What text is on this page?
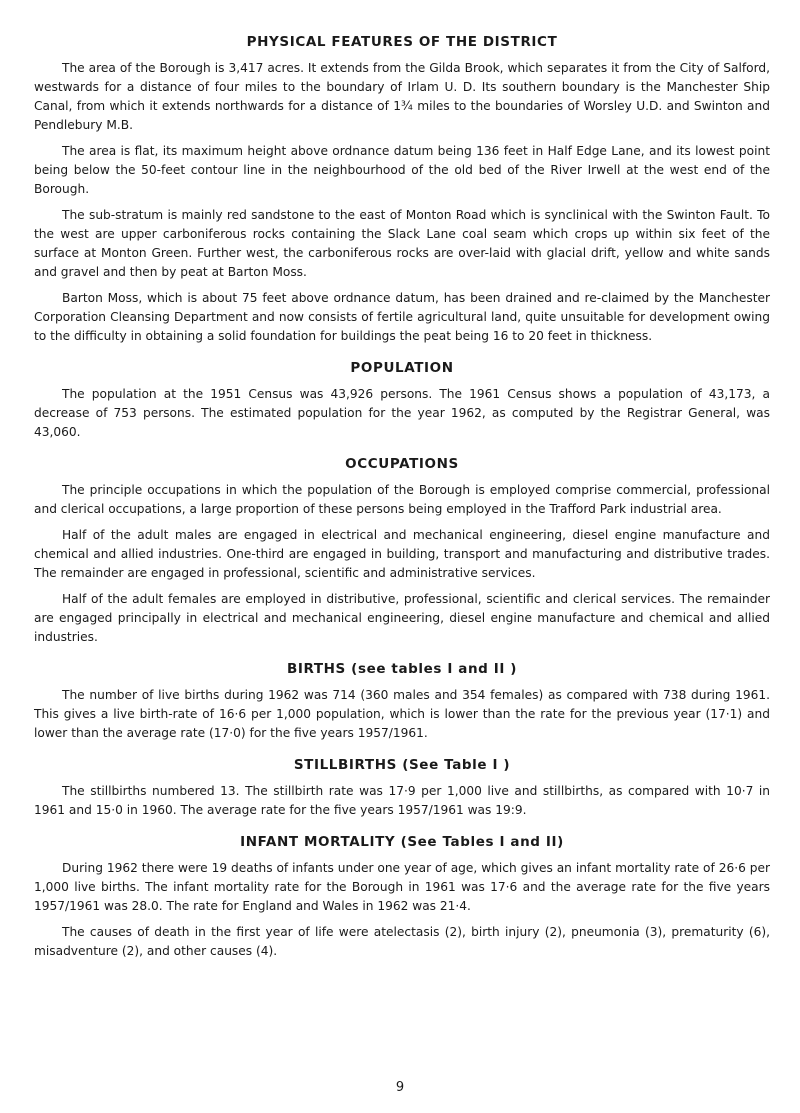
PHYSICAL FEATURES OF THE DISTRICT

The area of the Borough is 3,417 acres. It extends from the Gilda Brook, which separates it from the City of Salford, westwards for a distance of four miles to the boundary of Irlam U. D. Its southern boundary is the Manchester Ship Canal, from which it extends northwards for a distance of 1¾ miles to the boundaries of Worsley U.D. and Swinton and Pendlebury M.B.

The area is flat, its maximum height above ordnance datum being 136 feet in Half Edge Lane, and its lowest point being below the 50-feet contour line in the neighbourhood of the old bed of the River Irwell at the west end of the Borough.

The sub-stratum is mainly red sandstone to the east of Monton Road which is synclinical with the Swinton Fault. To the west are upper carboniferous rocks containing the Slack Lane coal seam which crops up within six feet of the surface at Monton Green. Further west, the carboniferous rocks are over-laid with glacial drift, yellow and white sands and gravel and then by peat at Barton Moss.

Barton Moss, which is about 75 feet above ordnance datum, has been drained and re-claimed by the Manchester Corporation Cleansing Department and now consists of fertile agricultural land, quite unsuitable for development owing to the difficulty in obtaining a solid foundation for buildings the peat being 16 to 20 feet in thickness.

POPULATION

The population at the 1951 Census was 43,926 persons. The 1961 Census shows a population of 43,173, a decrease of 753 persons. The estimated population for the year 1962, as computed by the Registrar General, was 43,060.

OCCUPATIONS

The principle occupations in which the population of the Borough is employed comprise commercial, professional and clerical occupations, a large proportion of these persons being employed in the Trafford Park industrial area.

Half of the adult males are engaged in electrical and mechanical engineering, diesel engine manufacture and chemical and allied industries. One-third are engaged in building, transport and manufacturing and distributive trades. The remainder are engaged in professional, scientific and administrative services.

Half of the adult females are employed in distributive, professional, scientific and clerical services. The remainder are engaged principally in electrical and mechanical engineering, diesel engine manufacture and chemical and allied industries.

BIRTHS (see tables I and II )

The number of live births during 1962 was 714 (360 males and 354 females) as compared with 738 during 1961. This gives a live birth-rate of 16·6 per 1,000 population, which is lower than the rate for the previous year (17·1) and lower than the average rate (17·0) for the five years 1957/1961.

STILLBIRTHS (See Table I )

The stillbirths numbered 13. The stillbirth rate was 17·9 per 1,000 live and stillbirths, as compared with 10·7 in 1961 and 15·0 in 1960. The average rate for the five years 1957/1961 was 19:9.

INFANT MORTALITY (See Tables I and II)

During 1962 there were 19 deaths of infants under one year of age, which gives an infant mortality rate of 26·6 per 1,000 live births. The infant mortality rate for the Borough in 1961 was 17·6 and the average rate for the five years 1957/1961 was 28.0. The rate for England and Wales in 1962 was 21·4.

The causes of death in the first year of life were atelectasis (2), birth injury (2), pneumonia (3), prematurity (6), misadventure (2), and other causes (4).

9
